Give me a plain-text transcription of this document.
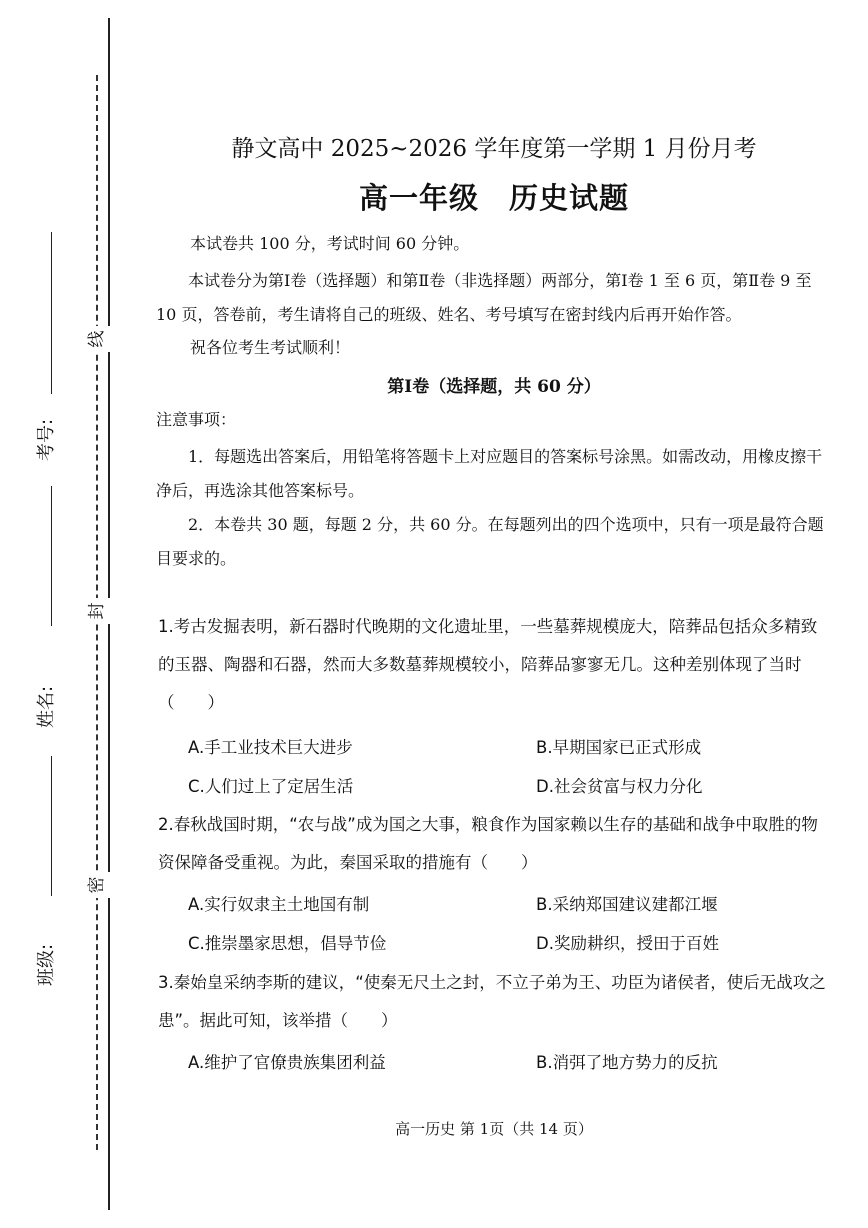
线
封
密
考号:
姓名:
班级:
静文高中 2025~2026 学年度第一学期 1 月份月考
高一年级　历史试题
本试卷共 100 分，考试时间 60 分钟。
本试卷分为第Ⅰ卷（选择题）和第Ⅱ卷（非选择题）两部分，第Ⅰ卷 1 至 6 页，第Ⅱ卷 9 至 10 页，答卷前，考生请将自己的班级、姓名、考号填写在密封线内后再开始作答。
祝各位考生考试顺利！
第Ⅰ卷（选择题，共 60 分）
注意事项：
1．每题选出答案后，用铅笔将答题卡上对应题目的答案标号涂黑。如需改动，用橡皮擦干净后，再选涂其他答案标号。
2．本卷共 30 题，每题 2 分，共 60 分。在每题列出的四个选项中，只有一项是最符合题目要求的。
1.考古发掘表明，新石器时代晚期的文化遗址里，一些墓葬规模庞大，陪葬品包括众多精致的玉器、陶器和石器，然而大多数墓葬规模较小，陪葬品寥寥无几。这种差别体现了当时（　　）
A.手工业技术巨大进步	B.早期国家已正式形成
C.人们过上了定居生活	D.社会贫富与权力分化
2.春秋战国时期，“农与战”成为国之大事，粮食作为国家赖以生存的基础和战争中取胜的物资保障备受重视。为此，秦国采取的措施有（　　）
A.实行奴隶主土地国有制	B.采纳郑国建议建都江堰
C.推崇墨家思想，倡导节俭	D.奖励耕织，授田于百姓
3.秦始皇采纳李斯的建议，“使秦无尺土之封，不立子弟为王、功臣为诸侯者，使后无战攻之患”。据此可知，该举措（　　）
A.维护了官僚贵族集团利益	B.消弭了地方势力的反抗
高一历史 第 1页（共 14 页）
